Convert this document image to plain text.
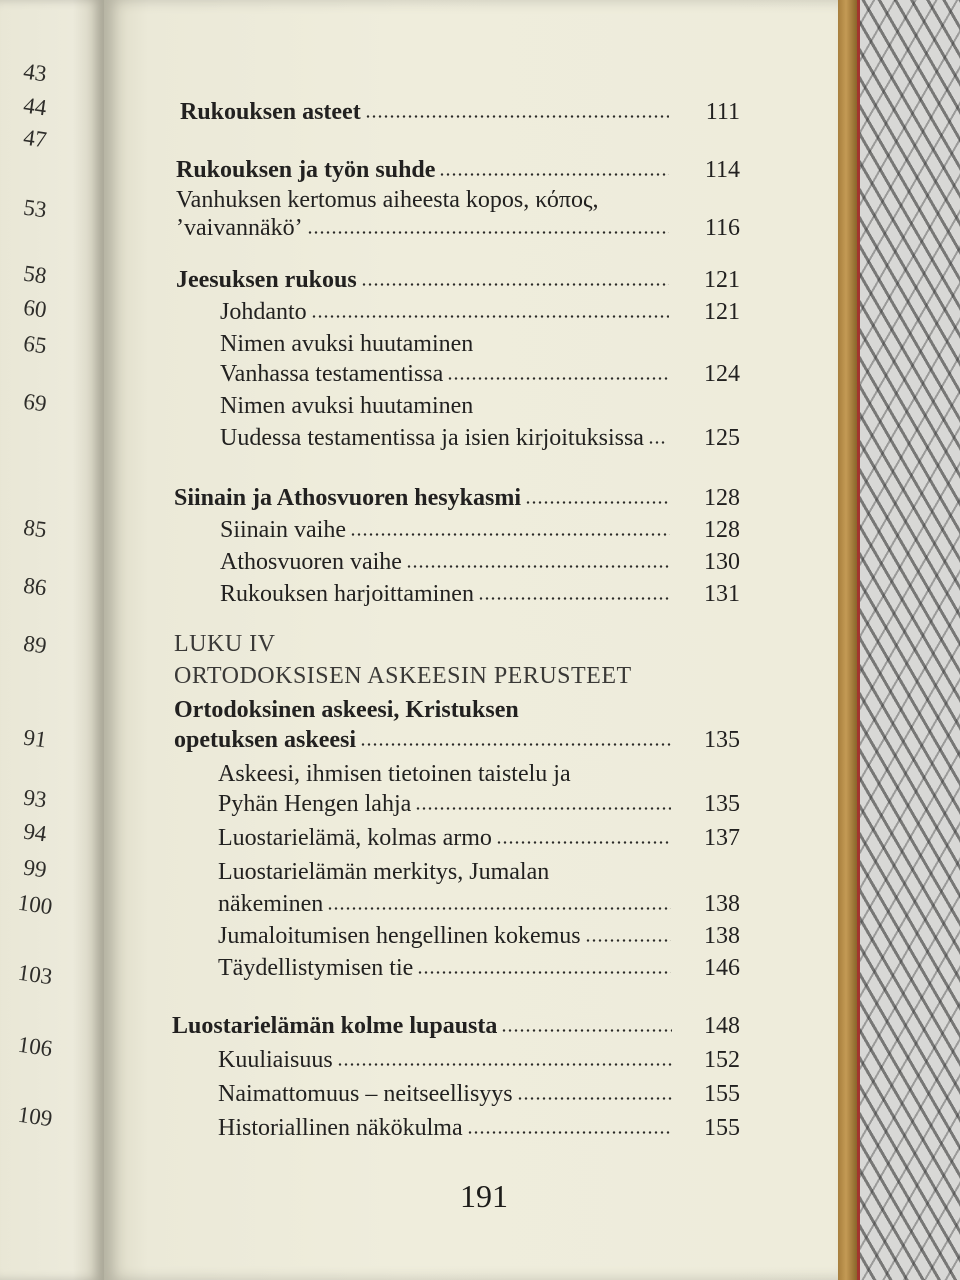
43
44
47
53
58
60
65
69
85
86
89
91
93
94
99
100
103
106
109
191
Rukouksen asteet	111
Rukouksen ja työn suhde	114
Vanhuksen kertomus aiheesta kopos, κόπος,
’vaivannäkö’	116
Jeesuksen rukous	121
Johdanto	121
Nimen avuksi huutaminen
Vanhassa testamentissa	124
Nimen avuksi huutaminen
Uudessa testamentissa ja isien kirjoituksissa	125
Siinain ja Athosvuoren hesykasmi	128
Siinain vaihe	128
Athosvuoren vaihe	130
Rukouksen harjoittaminen	131
LUKU IV
ORTODOKSISEN ASKEESIN PERUSTEET
Ortodoksinen askeesi, Kristuksen
opetuksen askeesi	135
Askeesi, ihmisen tietoinen taistelu ja
Pyhän Hengen lahja	135
Luostarielämä, kolmas armo	137
Luostarielämän merkitys, Jumalan
näkeminen	138
Jumaloitumisen hengellinen kokemus	138
Täydellistymisen tie	146
Luostarielämän kolme lupausta	148
Kuuliaisuus	152
Naimattomuus – neitseellisyys	155
Historiallinen näkökulma	155
